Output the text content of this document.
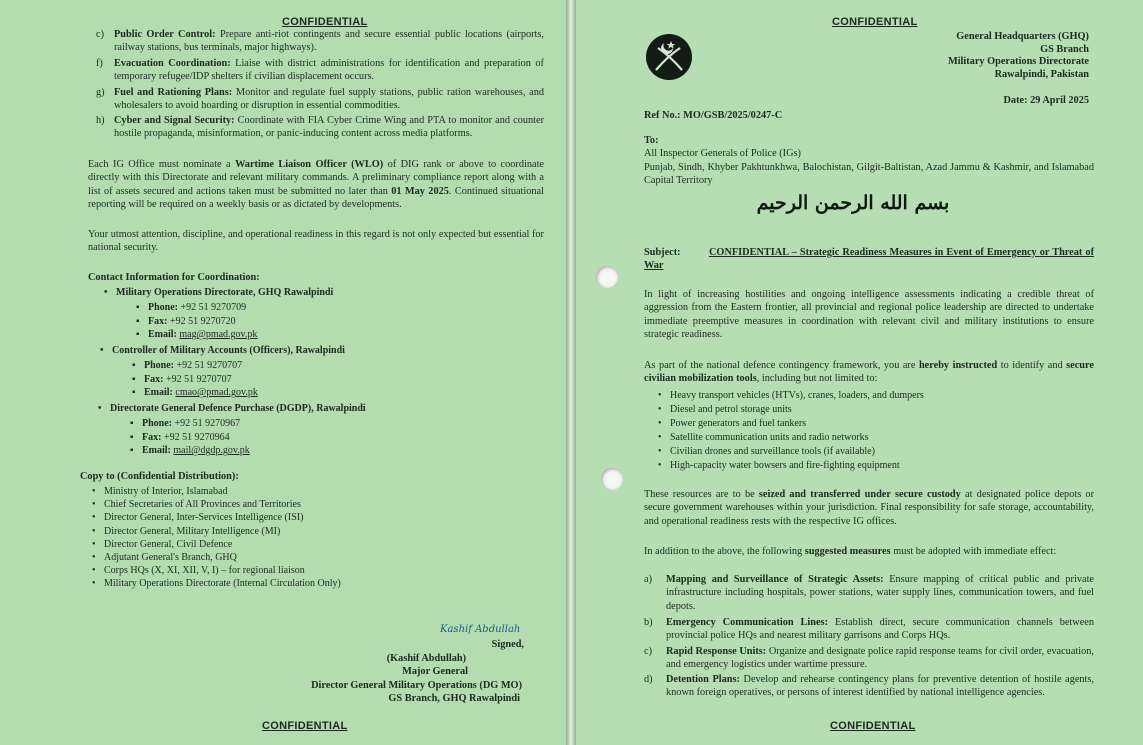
CONFIDENTIAL
c) Public Order Control: Prepare anti-riot contingents and secure essential public locations (airports, railway stations, bus terminals, major highways).
f) Evacuation Coordination: Liaise with district administrations for identification and preparation of temporary refugee/IDP shelters if civilian displacement occurs.
g) Fuel and Rationing Plans: Monitor and regulate fuel supply stations, public ration warehouses, and wholesalers to avoid hoarding or disruption in essential commodities.
h) Cyber and Signal Security: Coordinate with FIA Cyber Crime Wing and PTA to monitor and counter hostile propaganda, misinformation, or panic-inducing content across media platforms.
Each IG Office must nominate a Wartime Liaison Officer (WLO) of DIG rank or above to coordinate directly with this Directorate and relevant military commands. A preliminary compliance report along with a list of assets secured and actions taken must be submitted no later than 01 May 2025. Continued situational reporting will be required on a weekly basis or as dictated by developments.
Your utmost attention, discipline, and operational readiness in this regard is not only expected but essential for national security.
Contact Information for Coordination:
• Military Operations Directorate, GHQ Rawalpindi
▪ Phone: +92 51 9270709
▪ Fax: +92 51 9270720
▪ Email: mag@pmad.gov.pk
• Controller of Military Accounts (Officers), Rawalpindi
▪ Phone: +92 51 9270707
▪ Fax: +92 51 9270707
▪ Email: cmao@pmad.gov.pk
• Directorate General Defence Purchase (DGDP), Rawalpindi
▪ Phone: +92 51 9270967
▪ Fax: +92 51 9270964
▪ Email: mail@dgdp.gov.pk
Copy to (Confidential Distribution):
• Ministry of Interior, Islamabad
• Chief Secretaries of All Provinces and Territories
• Director General, Inter-Services Intelligence (ISI)
• Director General, Military Intelligence (MI)
• Director General, Civil Defence
• Adjutant General's Branch, GHQ
• Corps HQs (X, XI, XII, V, I) – for regional liaison
• Military Operations Directorate (Internal Circulation Only)
Kashif Abdullah
Signed,
(Kashif Abdullah)
Major General
Director General Military Operations (DG MO)
GS Branch, GHQ Rawalpindi
CONFIDENTIAL
CONFIDENTIAL
General Headquarters (GHQ)
GS Branch
Military Operations Directorate
Rawalpindi, Pakistan
Date: 29 April 2025
Ref No.: MO/GSB/2025/0247-C
To:
All Inspector Generals of Police (IGs)
Punjab, Sindh, Khyber Pakhtunkhwa, Balochistan, Gilgit-Baltistan, Azad Jammu & Kashmir, and Islamabad Capital Territory
بسم الله الرحمن الرحيم
Subject:	CONFIDENTIAL – Strategic Readiness Measures in Event of Emergency or Threat of War
In light of increasing hostilities and ongoing intelligence assessments indicating a credible threat of aggression from the Eastern frontier, all provincial and regional police leadership are directed to undertake immediate preemptive measures in coordination with relevant civil and military institutions to ensure strategic readiness.
As part of the national defence contingency framework, you are hereby instructed to identify and secure civilian mobilization tools, including but not limited to:
• Heavy transport vehicles (HTVs), cranes, loaders, and dumpers
• Diesel and petrol storage units
• Power generators and fuel tankers
• Satellite communication units and radio networks
• Civilian drones and surveillance tools (if available)
• High-capacity water bowsers and fire-fighting equipment
These resources are to be seized and transferred under secure custody at designated police depots or secure government warehouses within your jurisdiction. Final responsibility for safe storage, accountability, and operational readiness rests with the respective IG offices.
In addition to the above, the following suggested measures must be adopted with immediate effect:
a) Mapping and Surveillance of Strategic Assets: Ensure mapping of critical public and private infrastructure including hospitals, power stations, water supply lines, communication towers, and fuel depots.
b) Emergency Communication Lines: Establish direct, secure communication channels between provincial police HQs and nearest military garrisons and Corps HQs.
c) Rapid Response Units: Organize and designate police rapid response teams for civil order, evacuation, and emergency logistics under wartime pressure.
d) Detention Plans: Develop and rehearse contingency plans for preventive detention of hostile agents, known foreign operatives, or persons of interest identified by national intelligence agencies.
CONFIDENTIAL
